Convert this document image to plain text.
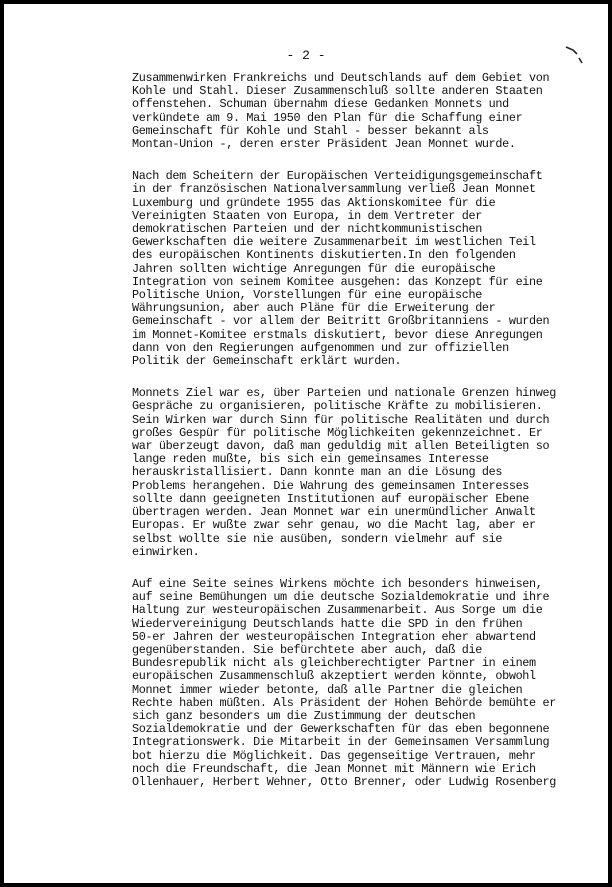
- 2 -
Zusammenwirken Frankreichs und Deutschlands auf dem Gebiet von
Kohle und Stahl. Dieser Zusammenschluß sollte anderen Staaten
offenstehen. Schuman übernahm diese Gedanken Monnets und
verkündete am 9. Mai 1950 den Plan für die Schaffung einer
Gemeinschaft für Kohle und Stahl - besser bekannt als
Montan-Union -, deren erster Präsident Jean Monnet wurde.
Nach dem Scheitern der Europäischen Verteidigungsgemeinschaft
in der französischen Nationalversammlung verließ Jean Monnet
Luxemburg und gründete 1955 das Aktionskomitee für die
Vereinigten Staaten von Europa, in dem Vertreter der
demokratischen Parteien und der nichtkommunistischen
Gewerkschaften die weitere Zusammenarbeit im westlichen Teil
des europäischen Kontinents diskutierten.In den folgenden
Jahren sollten wichtige Anregungen für die europäische
Integration von seinem Komitee ausgehen: das Konzept für eine
Politische Union, Vorstellungen für eine europäische
Währungsunion, aber auch Pläne für die Erweiterung der
Gemeinschaft - vor allem der Beitritt Großbritanniens - wurden
im Monnet-Komitee erstmals diskutiert, bevor diese Anregungen
dann von den Regierungen aufgenommen und zur offiziellen
Politik der Gemeinschaft erklärt wurden.
Monnets Ziel war es, über Parteien und nationale Grenzen hinweg
Gespräche zu organisieren, politische Kräfte zu mobilisieren.
Sein Wirken war durch Sinn für politische Realitäten und durch
großes Gespür für politische Möglichkeiten gekennzeichnet. Er
war überzeugt davon, daß man geduldig mit allen Beteiligten so
lange reden mußte, bis sich ein gemeinsames Interesse
herauskristallisiert. Dann konnte man an die Lösung des
Problems herangehen. Die Wahrung des gemeinsamen Interesses
sollte dann geeigneten Institutionen auf europäischer Ebene
übertragen werden. Jean Monnet war ein unermündlicher Anwalt
Europas. Er wußte zwar sehr genau, wo die Macht lag, aber er
selbst wollte sie nie ausüben, sondern vielmehr auf sie
einwirken.
Auf eine Seite seines Wirkens möchte ich besonders hinweisen,
auf seine Bemühungen um die deutsche Sozialdemokratie und ihre
Haltung zur westeuropäischen Zusammenarbeit. Aus Sorge um die
Wiedervereinigung Deutschlands hatte die SPD in den frühen
50-er Jahren der westeuropäischen Integration eher abwartend
gegenüberstanden. Sie befürchtete aber auch, daß die
Bundesrepublik nicht als gleichberechtigter Partner in einem
europäischen Zusammenschluß akzeptiert werden könnte, obwohl
Monnet immer wieder betonte, daß alle Partner die gleichen
Rechte haben müßten. Als Präsident der Hohen Behörde bemühte er
sich ganz besonders um die Zustimmung der deutschen
Sozialdemokratie und der Gewerkschaften für das eben begonnene
Integrationswerk. Die Mitarbeit in der Gemeinsamen Versammlung
bot hierzu die Möglichkeit. Das gegenseitige Vertrauen, mehr
noch die Freundschaft, die Jean Monnet mit Männern wie Erich
Ollenhauer, Herbert Wehner, Otto Brenner, oder Ludwig Rosenberg
